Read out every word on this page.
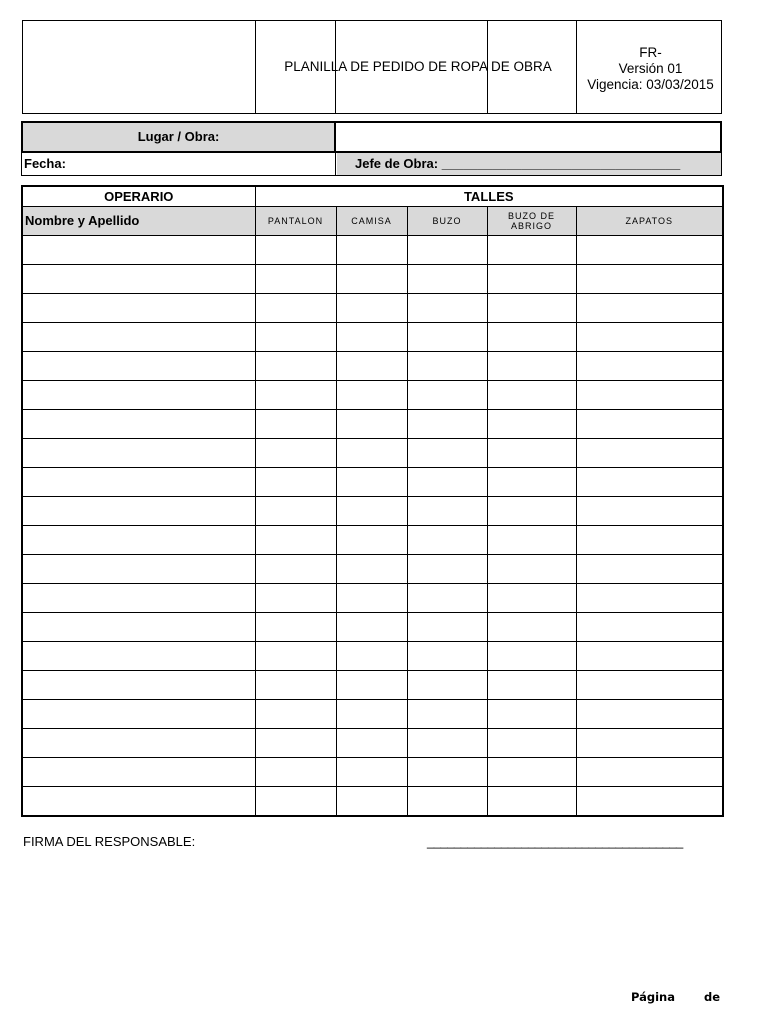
PLANILLA DE PEDIDO DE ROPA DE OBRA
FR-
Versión 01
Vigencia: 03/03/2015
Lugar / Obra:
Fecha:	Jefe de Obra: _________________________________
OPERARIO	TALLES				
Nombre y Apellido	PANTALON	CAMISA	BUZO	BUZO DE ABRIGO	ZAPATOS

FIRMA DEL RESPONSABLE:	______________________________________
Página	de
